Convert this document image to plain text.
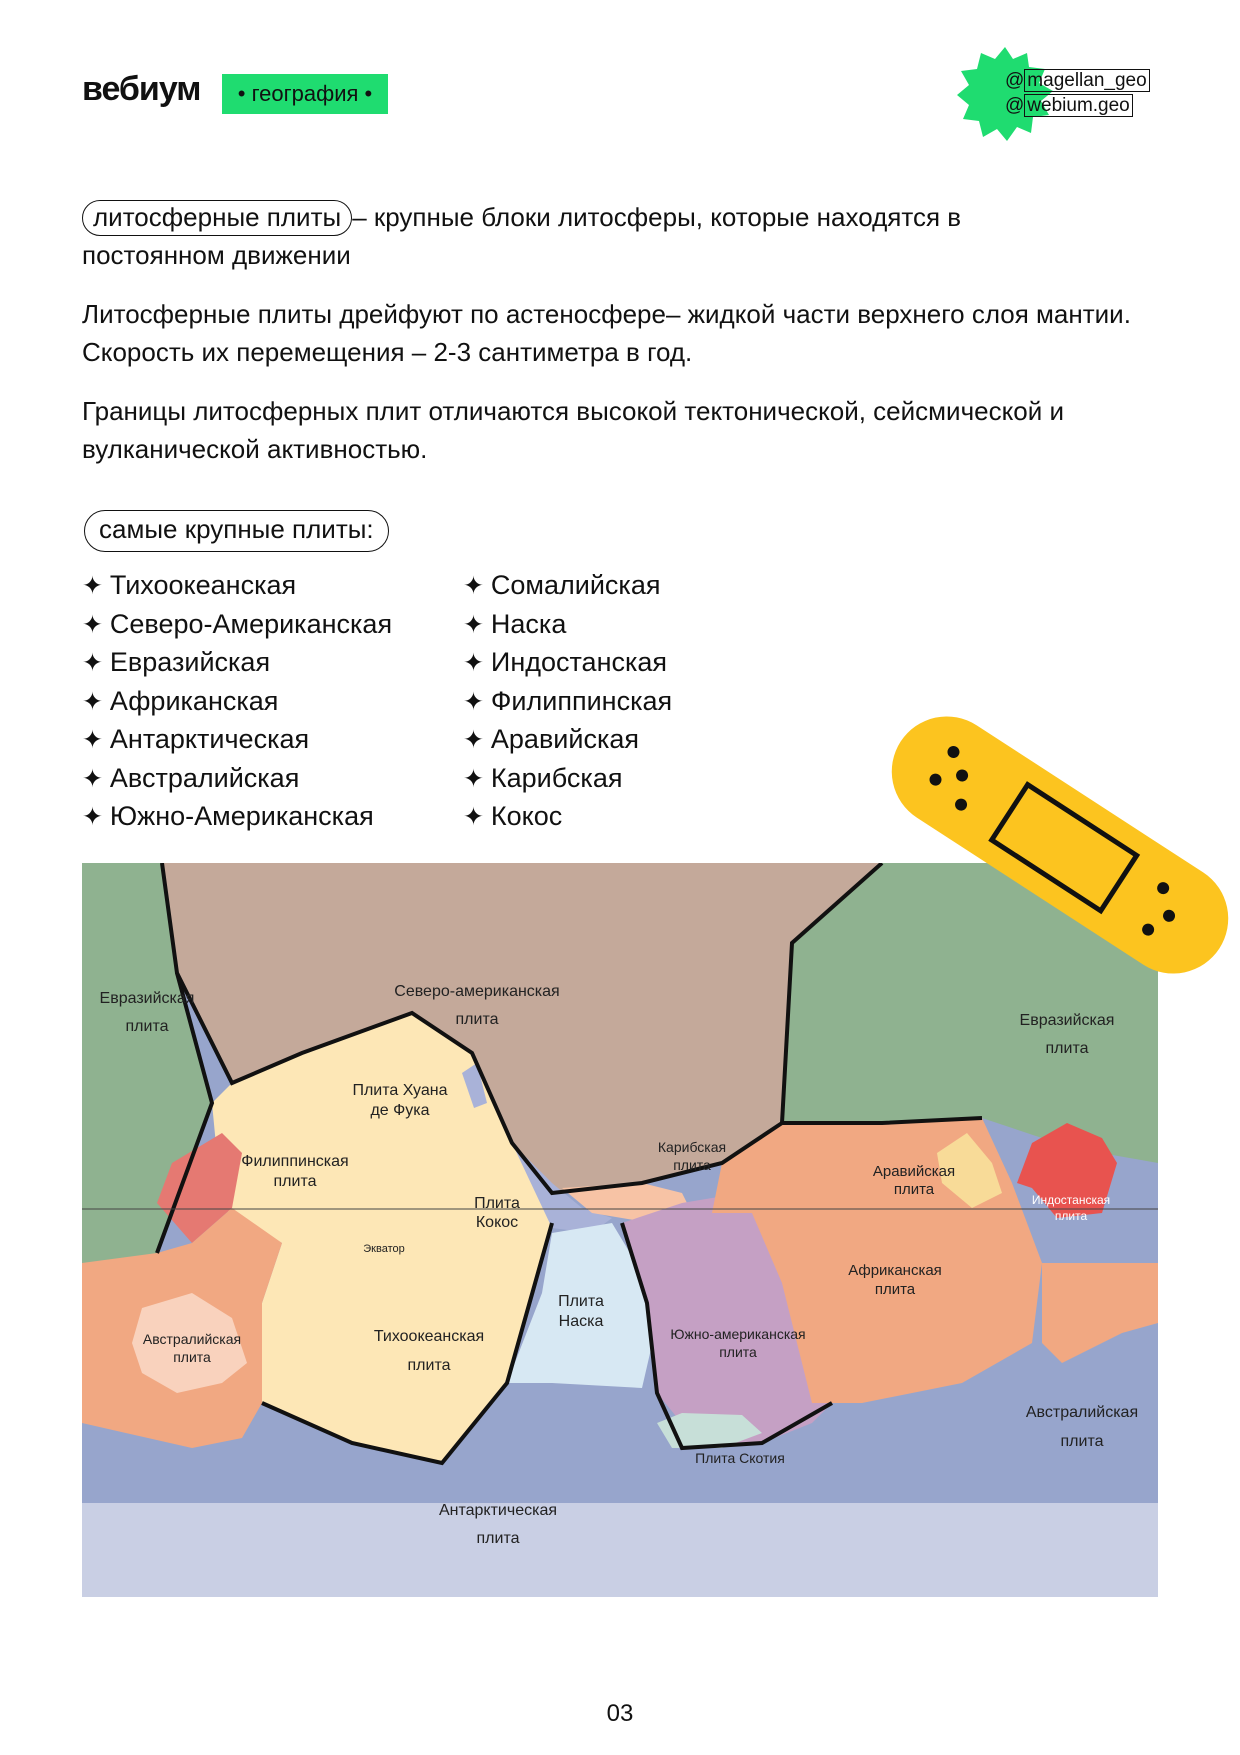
вебиум	• география •
@ magellan_geo
@ webium.geo
литосферные плиты – крупные блоки литосферы, которые находятся в постоянном движении
Литосферные плиты дрейфуют по астеносфере– жидкой части верхнего слоя мантии. Скорость их перемещения – 2-3 сантиметра в год.
Границы литосферных плит отличаются высокой тектонической, сейсмической и вулканической активностью.
самые крупные плиты:
✦ Тихоокеанская
✦ Северо-Американская
✦ Евразийская
✦ Африканская
✦ Антарктическая
✦ Австралийская
✦ Южно-Американская
✦ Сомалийская
✦ Наска
✦ Индостанская
✦ Филиппинская
✦ Аравийская
✦ Карибская
✦ Кокос
Евразийская
плита
Северо-американская
плита	Евразийская
плита
Плита Хуана
де Фука
Филиппинская
плита
Карибская
плита	Аравийская
плита
Индостанская
плита
Плита
Кокос
Экватор
Плита
Наска
Тихоокеанская
плита
Южно-американская
плита
Африканская
плита
Австралийская
плита
Австралийская
плита
Плита Скотия
Антарктическая
плита
03
